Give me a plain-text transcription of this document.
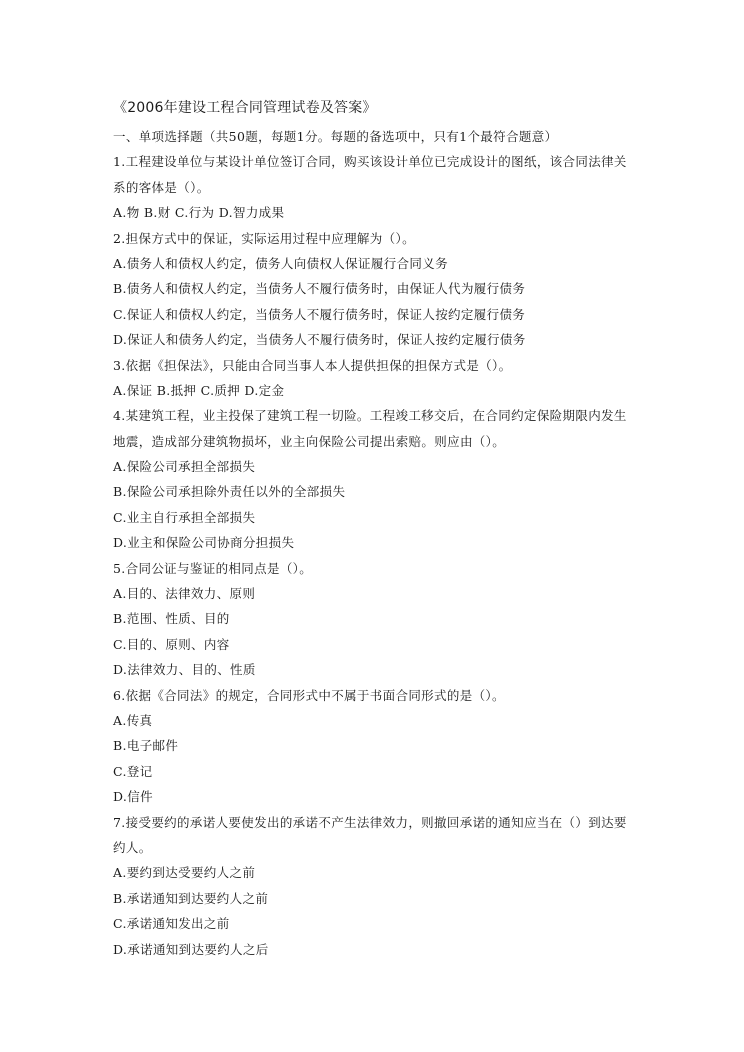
《2006年建设工程合同管理试卷及答案》
一、单项选择题（共50题，每题1分。每题的备选项中，只有1个最符合题意）
1.工程建设单位与某设计单位签订合同，购买该设计单位已完成设计的图纸，该合同法律关
系的客体是（）。
A.物 B.财 C.行为 D.智力成果
2.担保方式中的保证，实际运用过程中应理解为（）。
A.债务人和债权人约定，债务人向债权人保证履行合同义务
B.债务人和债权人约定，当债务人不履行债务时，由保证人代为履行债务
C.保证人和债权人约定，当债务人不履行债务时，保证人按约定履行债务
D.保证人和债务人约定，当债务人不履行债务时，保证人按约定履行债务
3.依据《担保法》，只能由合同当事人本人提供担保的担保方式是（）。
A.保证 B.抵押 C.质押 D.定金
4.某建筑工程，业主投保了建筑工程一切险。工程竣工移交后，在合同约定保险期限内发生
地震，造成部分建筑物损坏，业主向保险公司提出索赔。则应由（）。
A.保险公司承担全部损失
B.保险公司承担除外责任以外的全部损失
C.业主自行承担全部损失
D.业主和保险公司协商分担损失
5.合同公证与鉴证的相同点是（）。
A.目的、法律效力、原则
B.范围、性质、目的
C.目的、原则、内容
D.法律效力、目的、性质
6.依据《合同法》的规定，合同形式中不属于书面合同形式的是（）。
A.传真
B.电子邮件
C.登记
D.信件
7.接受要约的承诺人要使发出的承诺不产生法律效力，则撤回承诺的通知应当在（）到达要
约人。
A.要约到达受要约人之前
B.承诺通知到达要约人之前
C.承诺通知发出之前
D.承诺通知到达要约人之后
